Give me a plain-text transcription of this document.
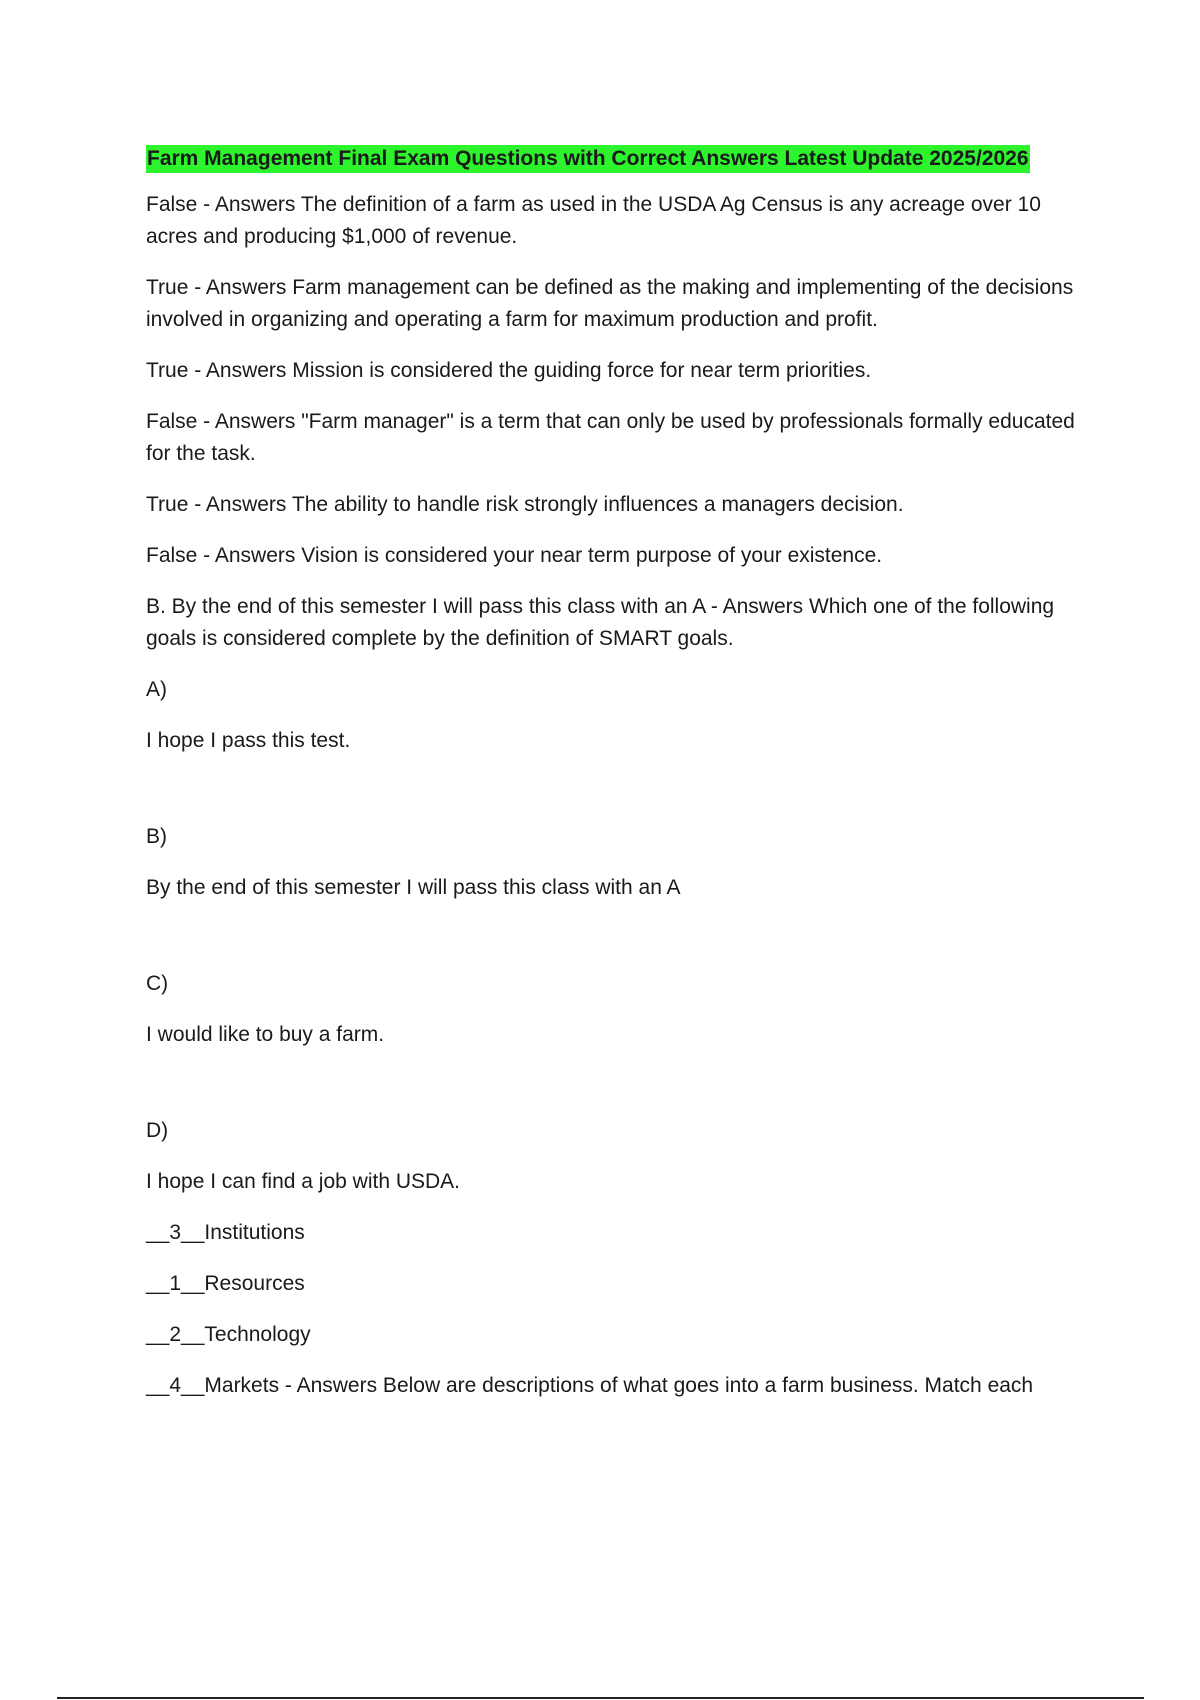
Farm Management Final Exam Questions with Correct Answers Latest Update 2025/2026

False - Answers The definition of a farm as used in the USDA Ag Census is any acreage over 10 acres and producing $1,000 of revenue.

True - Answers Farm management can be defined as the making and implementing of the decisions involved in organizing and operating a farm for maximum production and profit.

True - Answers Mission is considered the guiding force for near term priorities.

False - Answers "Farm manager" is a term that can only be used by professionals formally educated for the task.

True - Answers The ability to handle risk strongly influences a managers decision.

False - Answers Vision is considered your near term purpose of your existence.

B. By the end of this semester I will pass this class with an A - Answers Which one of the following goals is considered complete by the definition of SMART goals.

A)

I hope I pass this test.

B)

By the end of this semester I will pass this class with an A

C)

I would like to buy a farm.

D)

I hope I can find a job with USDA.

__3__Institutions

__1__Resources

__2__Technology

__4__Markets - Answers Below are descriptions of what goes into a farm business. Match each
